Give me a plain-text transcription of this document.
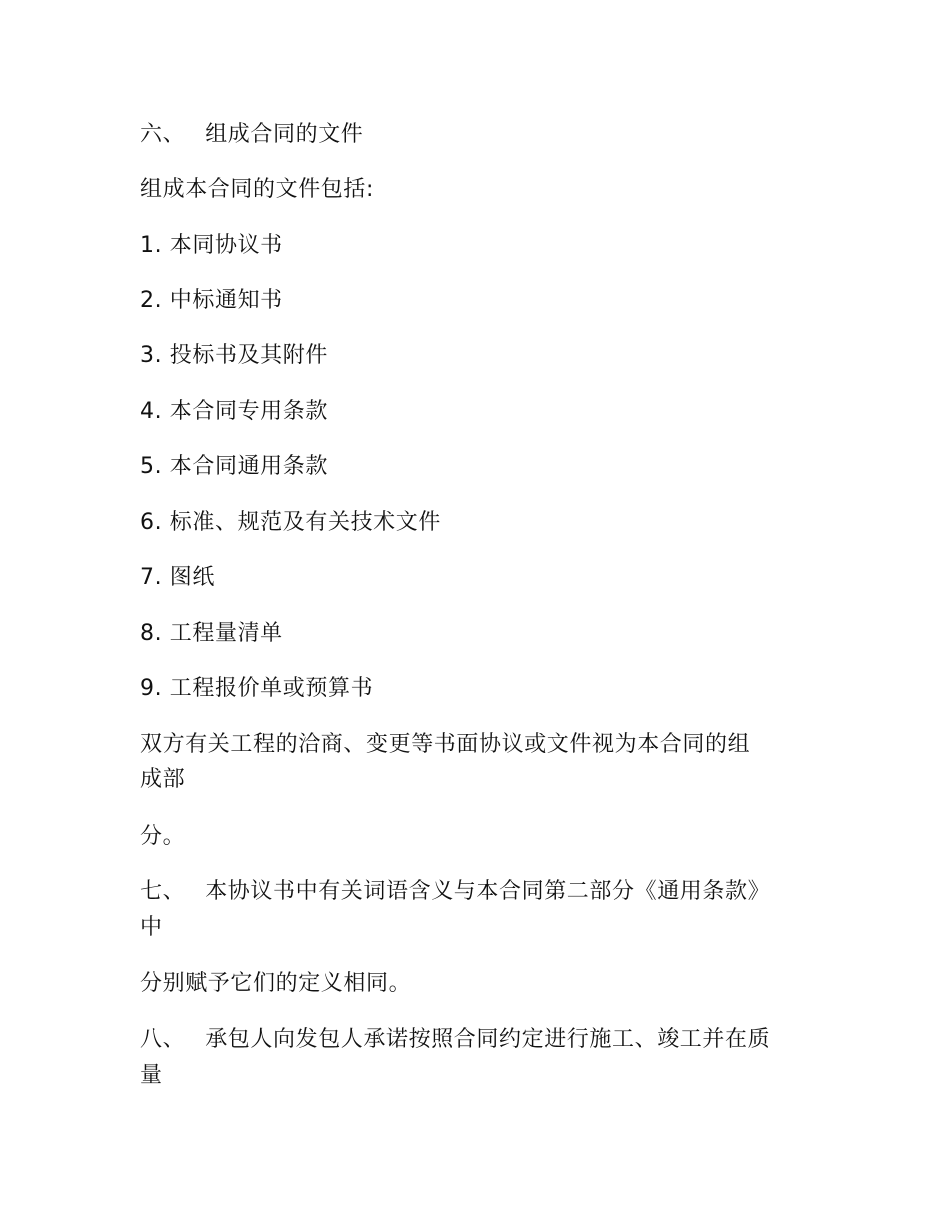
六、 组成合同的文件
组成本合同的文件包括:
1. 本同协议书
2. 中标通知书
3. 投标书及其附件
4. 本合同专用条款
5. 本合同通用条款
6. 标准、规范及有关技术文件
7. 图纸
8. 工程量清单
9. 工程报价单或预算书
双方有关工程的洽商、变更等书面协议或文件视为本合同的组
成部
分。
七、 本协议书中有关词语含义与本合同第二部分《通用条款》
中
分别赋予它们的定义相同。
八、 承包人向发包人承诺按照合同约定进行施工、竣工并在质
量
